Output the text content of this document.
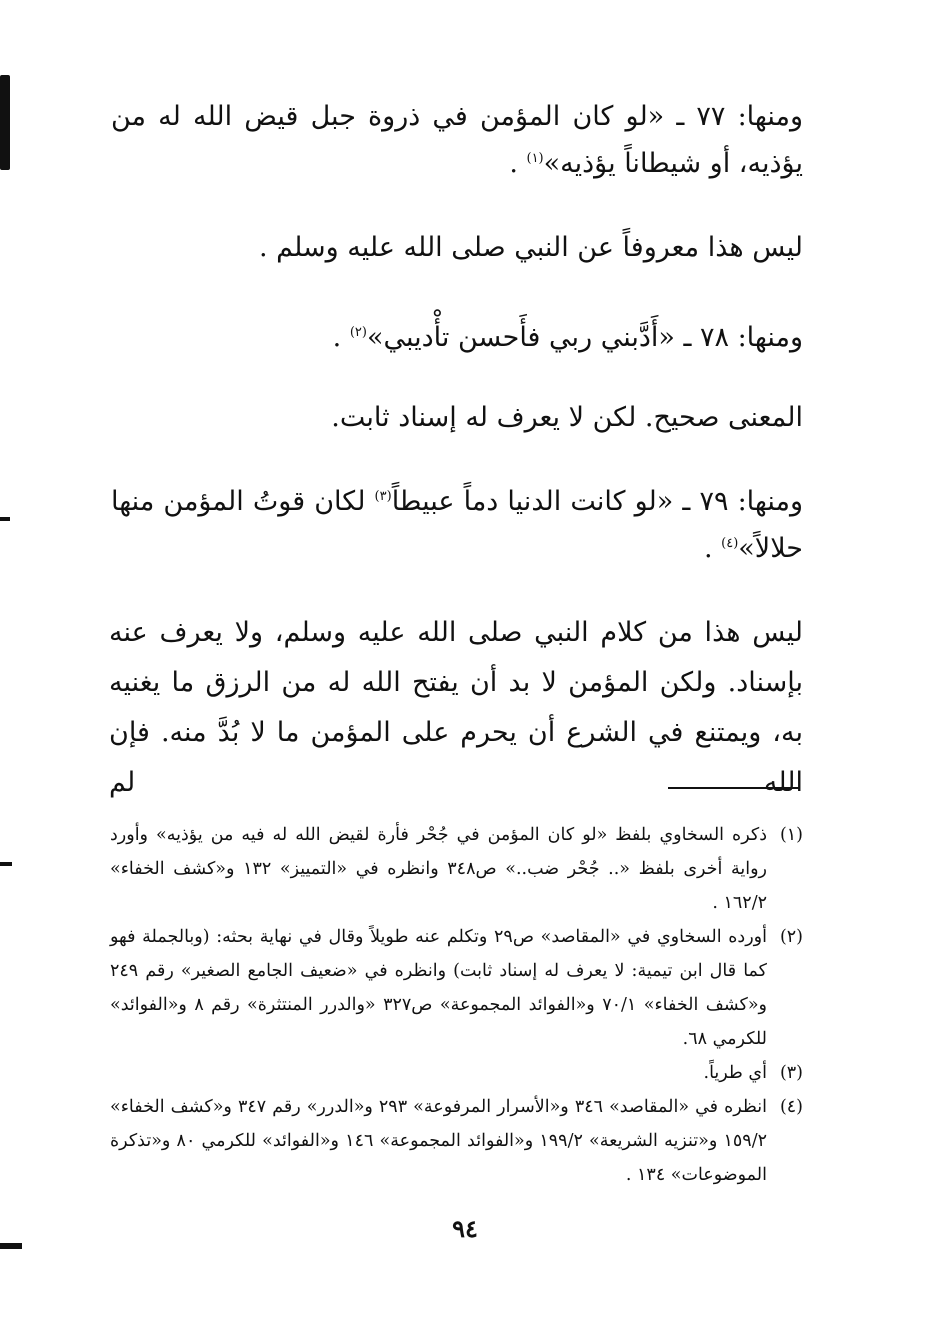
ومنها: ٧٧ ـ «لو كان المؤمن في ذروة جبل قيض الله له من يؤذيه، أو شيطاناً يؤذيه»$^{(١)}$ .

ليس هذا معروفاً عن النبي صلى الله عليه وسلم .

ومنها: ٧٨ ـ «أَدَّبني ربي فأَحسن تأْديبي»$^{(٢)}$ .

المعنى صحيح. لكن لا يعرف له إسناد ثابت.

ومنها: ٧٩ ـ «لو كانت الدنيا دماً عبيطاً$^{(٣)}$ لكان قوتُ المؤمن منها حلالاً»$^{(٤)}$ .

ليس هذا من كلام النبي صلى الله عليه وسلم، ولا يعرف عنه بإسناد. ولكن المؤمن لا بد أن يفتح الله له من الرزق ما يغنيه به، ويمتنع في الشرع أن يحرم على المؤمن ما لا بُدَّ منه. فإن الله لم

(١)
ذكره السخاوي بلفظ «لو كان المؤمن في جُحْر فأرة لقيض الله له فيه من يؤذيه» وأورد رواية أخرى بلفظ «.. جُحْر ضب..» ص٣٤٨ وانظره في «التمييز» ١٣٢ و«كشف الخفاء» ١٦٢/٢ .
(٢)
أورده السخاوي في «المقاصد» ص٢٩ وتكلم عنه طويلاً وقال في نهاية بحثه: (وبالجملة فهو كما قال ابن تيمية: لا يعرف له إسناد ثابت) وانظره في «ضعيف الجامع الصغير» رقم ٢٤٩ و«كشف الخفاء» ٧٠/١ و«الفوائد المجموعة» ص٣٢٧ «والدرر المنتثرة» رقم ٨ و«الفوائد» للكرمي ٦٨.
(٣)
أي طرياً.
(٤)
انظره في «المقاصد» ٣٤٦ و«الأسرار المرفوعة» ٢٩٣ و«الدرر» رقم ٣٤٧ و«كشف الخفاء» ١٥٩/٢ و«تنزيه الشريعة» ١٩٩/٢ و«الفوائد المجموعة» ١٤٦ و«الفوائد» للكرمي ٨٠ و«تذكرة الموضوعات» ١٣٤ .
٩٤
